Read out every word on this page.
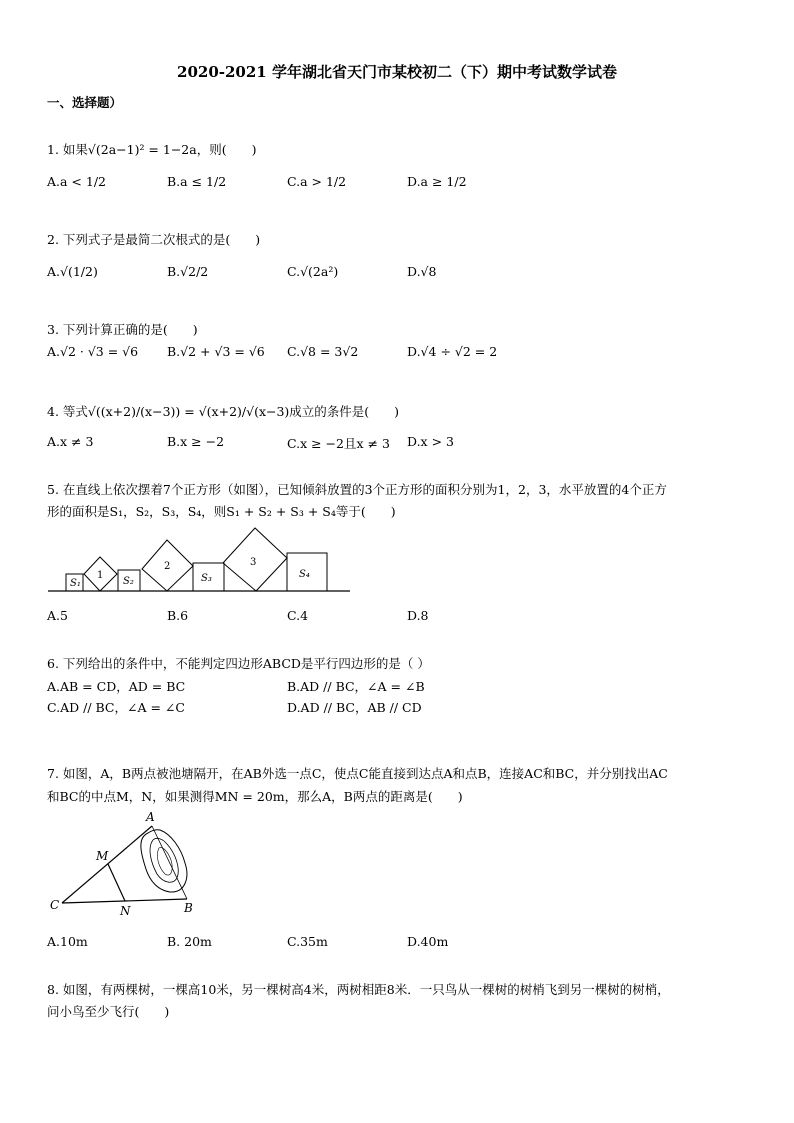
2020-2021 学年湖北省天门市某校初二（下）期中考试数学试卷
一、选择题）
1. 如果√(2a−1)² = 1−2a，则(　　)
A.a < 1/2	B.a ≤ 1/2	C.a > 1/2	D.a ≥ 1/2
2. 下列式子是最简二次根式的是(　　)
A.√(1/2)	B.√2/2	C.√(2a²)	D.√8
3. 下列计算正确的是(　　)
A.√2 · √3 = √6 B.√2 + √3 = √6 C.√8 = 3√2	D.√4 ÷ √2 = 2
4. 等式√((x+2)/(x−3)) = √(x+2)/√(x−3)成立的条件是(　　)
A.x ≠ 3	B.x ≥ −2	C.x ≥ −2且x ≠ 3 D.x > 3
5. 在直线上依次摆着7个正方形（如图），已知倾斜放置的3个正方形的面积分别为1，2，3，水平放置的4个正方
形的面积是S₁，S₂，S₃，S₄，则S₁ + S₂ + S₃ + S₄等于(　　)
S₁
1
S₂
2
S₃
3
S₄
A.5	B.6	C.4	D.8
6. 下列给出的条件中，不能判定四边形ABCD是平行四边形的是（ ）
A.AB = CD，AD = BC	B.AD // BC，∠A = ∠B
C.AD // BC，∠A = ∠C	D.AD // BC，AB // CD
7. 如图，A，B两点被池塘隔开，在AB外选一点C，使点C能直接到达点A和点B，连接AC和BC，并分别找出AC
和BC的中点M，N，如果测得MN = 20m，那么A，B两点的距离是(　　)
A
M
C	N	B
A.10m	B. 20m	C.35m	D.40m
8. 如图，有两棵树，一棵高10米，另一棵树高4米，两树相距8米．一只鸟从一棵树的树梢飞到另一棵树的树梢，
问小鸟至少飞行(　　)
